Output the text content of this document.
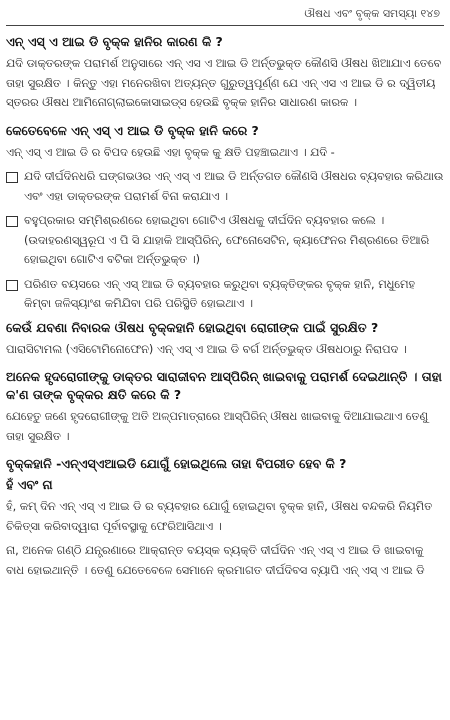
ଔଷଧ ଏବଂ ବୃକ୍କ ସମସ୍ୟା ୧୪୭
ଏନ୍ ଏସ୍ ଏ ଆଇ ଡି ବୃକ୍କ ହାନିର କାରଣ କି ?
ଯଦି ଡାକ୍ତରଙ୍କ ପରାମର୍ଶ ଅନୁସାରେ ଏନ୍ ଏସ ଏ ଆଇ ଡି ଅର୍ନ୍ତଭୁକ୍ତ କୌଣସି ଔଷଧ ଖିଆଯାଏ ତେବେ ତାହା ସୁରକ୍ଷିତ । କିନ୍ତୁ ଏହା ମନେରଖିବା ଅତ୍ୟନ୍ତ ଗୁରୁତ୍ୱପୂର୍ଣ୍ଣ ଯେ ଏନ୍ ଏସ ଏ ଆଇ ଡି ର ଦ୍ୱିତୀୟ ସ୍ତରର ଔଷଧ ଆମିନୋଗ୍ଲାଇକୋସାଇଡ୍ସ ହେଉଛି ବୃକ୍କ ହାନିର ସାଧାରଣ କାରକ ।
କେତେବେଳେ ଏନ୍ ଏସ୍ ଏ ଆଇ ଡି ବୃକ୍କ ହାନି କରେ ?
ଏନ୍ ଏସ୍ ଏ ଆଇ ଡି ର ବିପଦ ହେଉଛି ଏହା ବୃକ୍କ କୁ କ୍ଷତି ପହଞ୍ଚାଇଥାଏ । ଯଦି -
ଯଦି ଦୀର୍ଘଦିନଧରି ଘଙ୍ଗଭଓର ଏନ୍ ଏସ୍ ଏ ଆଇ ଡି ଅର୍ନ୍ତଗତ କୌଣସି ଔଷଧର ବ୍ୟବହାର କରିଥାଉ ଏବଂ ଏହା ଡାକ୍ତରଙ୍କ ପରାମର୍ଶ ବିନା କରାଯାଏ ।
ବହୁପ୍ରକାର ସମ୍ମିଶ୍ରଣରେ ହୋଇଥିବା ଗୋଟିଏ ଔଷଧକୁ ଦୀର୍ଘଦିନ ବ୍ୟବହାର କଲେ । (ଉଦାହରଣସ୍ୱରୂପ ଏ ପି ସି ଯାହାକି ଆସ୍ପିରିନ୍, ଫେନୋସେଟିନ, କ୍ୟାଫେନର ମିଶ୍ରଣରେ ତିଆରି ହୋଇଥିବା ଗୋଟିଏ ବଟିକା ଅର୍ନ୍ତଭୁକ୍ତ ।)
ପରିଣତ ବୟସରେ ଏନ୍ ଏସ୍ ଆଇ ଡି ବ୍ୟବହାର କରୁଥିବା ବ୍ୟକ୍ତିଙ୍କର ବୃକ୍କ ହାନି, ମଧୁମେହ କିମ୍ବା ଜଳିସ୍ୟାଂଶ କମିଯିବା ପରି ପରିସ୍ଥିତି ହୋଇଥାଏ ।
କେଉଁ ଯବଣା ନିବାରକ ଔଷଧ ବୃକ୍କହାନି ହୋଇଥିବା ରୋଗୀଙ୍କ ପାଇଁ ସୁରକ୍ଷିତ ?
ପାରାସିଟାମଲ (ଏସିଟୋମିନୋଫେନ) ଏନ୍ ଏସ୍ ଏ ଆଇ ଡି ବର୍ଗ ଅର୍ନ୍ତଭୁକ୍ତ ଔଷଧଠାରୁ ନିରାପଦ ।
ଅନେକ ହୃଦରୋଗୀଙ୍କୁ ଡାକ୍ତର ସାରାଜୀବନ ଆସ୍ପିରିନ୍ ଖାଇବାକୁ ପରାମର୍ଶ ଦେଇଥାନ୍ତି । ତାହା କ'ଣ ତାଙ୍କ ବୃକ୍କର କ୍ଷତି କରେ କି ?
ଯେହେତୁ ଜଣେ ହୃଦରୋଗୀଙ୍କୁ ଅତି ଅଳ୍ପମାତ୍ରାରେ ଆସ୍ପିରିନ୍ ଔଷଧ ଖାଇବାକୁ ଦିଆଯାଇଥାଏ ତେଣୁ ତାହା ସୁରକ୍ଷିତ ।
ବୃକ୍କହାନି -ଏନ୍ଏସ୍ଏଆଇଡି ଯୋଗୁଁ ହୋଇଥିଲେ ତାହା ବିପରୀତ ହେବ କି ?
ହଁ ଏବଂ ନା
ହଁ, କମ୍ ଦିନ ଏନ୍ ଏସ୍ ଏ ଆଇ ଡି ର ବ୍ୟବହାର ଯୋଗୁଁ ହୋଇଥିବା ବୃକ୍କ ହାନି, ଔଷଧ ବନ୍ଦକରି ନିୟମିତ ଚିକିତ୍ସା କରିବାଦ୍ୱାରା ପୂର୍ବାବସ୍ଥାକୁ ଫେରିଆସିଥାଏ ।
ନା, ଅନେକ ଗଣ୍ଠି ଯନ୍ତ୍ରଣାରେ ଆକ୍ରାନ୍ତ ବୟସ୍କ ବ୍ୟକ୍ତି ଦୀର୍ଘଦିନ ଏନ୍ ଏସ୍ ଏ ଆଇ ଡି ଖାଇବାକୁ ବାଧ ହୋଇଥାନ୍ତି । ତେଣୁ ଯେତେବେଳେ ସେମାନେ କ୍ରମାଗତ ଦୀର୍ଘଦିବସ ବ୍ୟାପି ଏନ୍ ଏସ୍ ଏ ଆଇ ଡି
